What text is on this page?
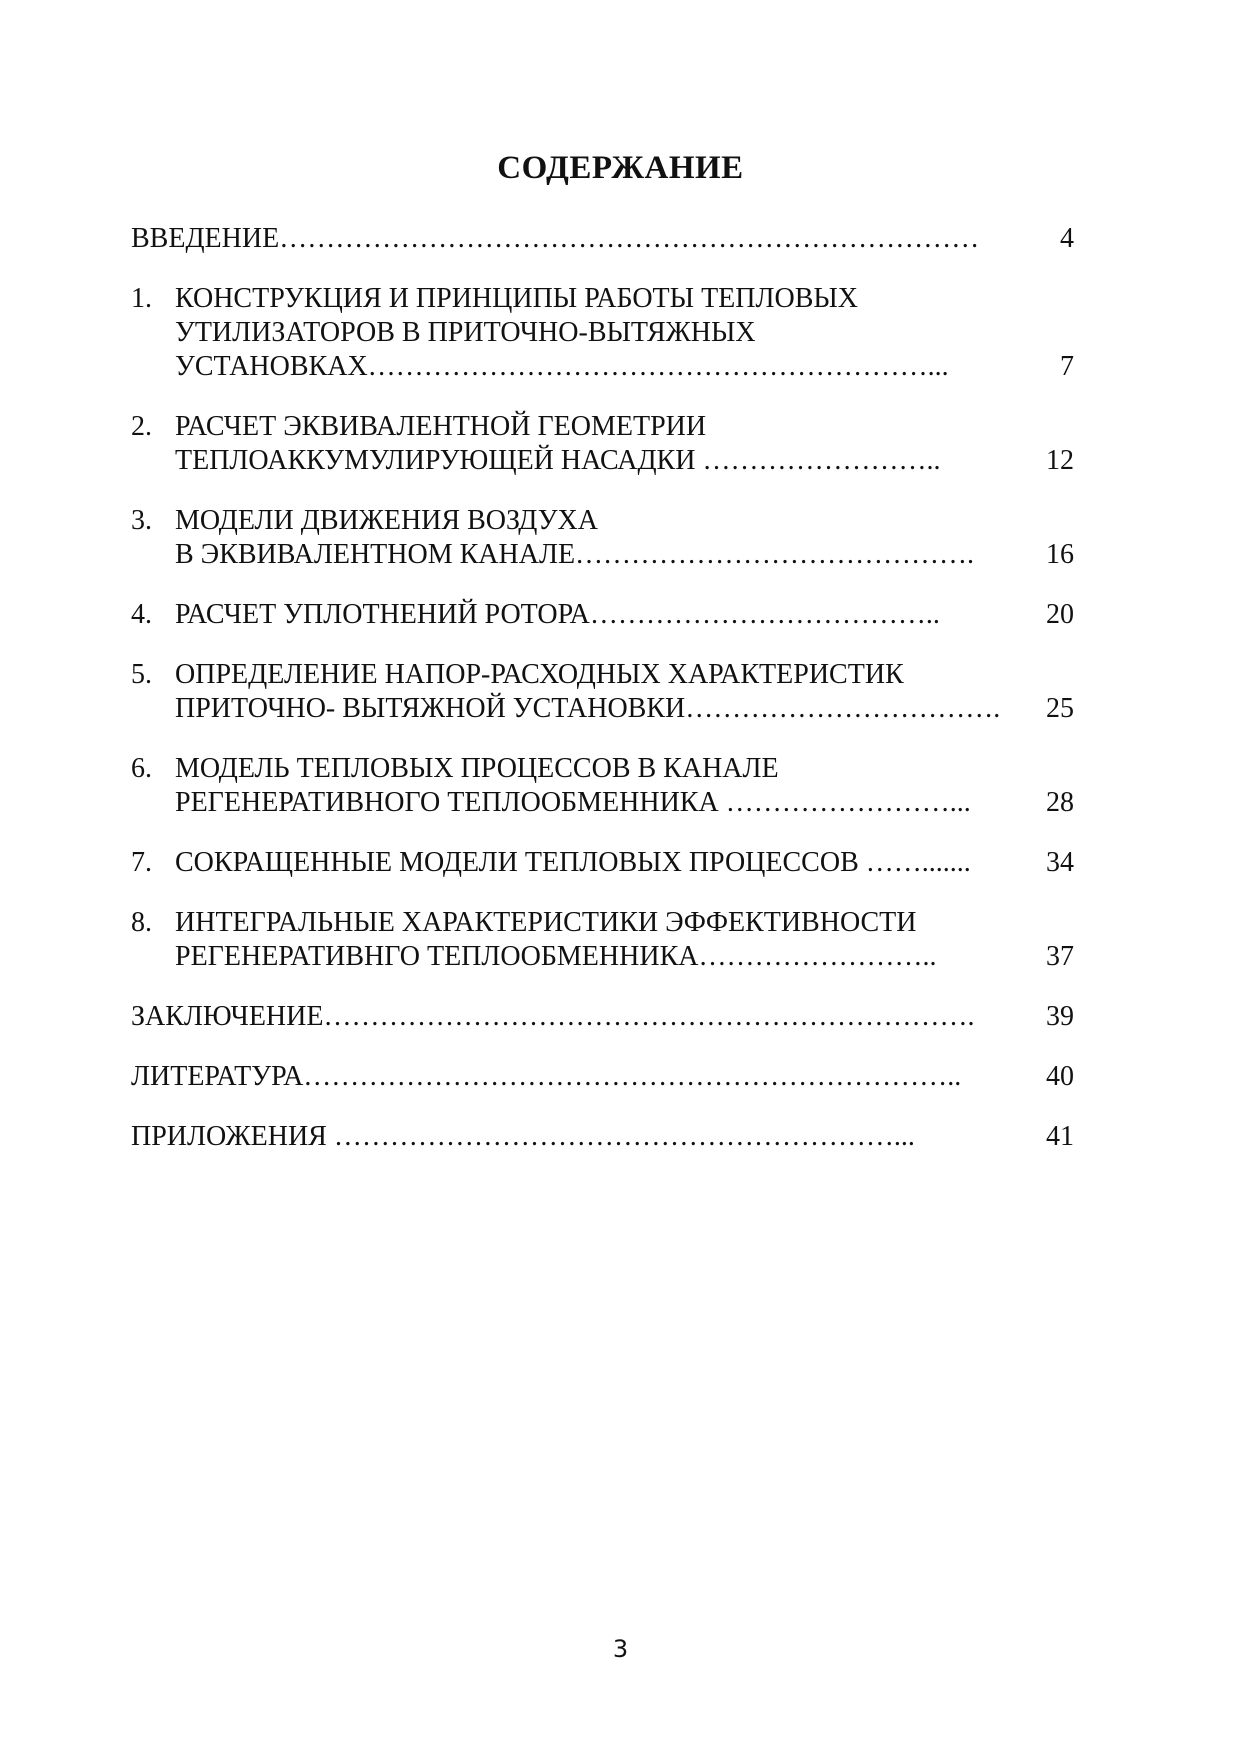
СОДЕРЖАНИЕ
ВВЕДЕНИЕ…………………………………………………………………	4
1. КОНСТРУКЦИЯ И ПРИНЦИПЫ РАБОТЫ ТЕПЛОВЫХ
УТИЛИЗАТОРОВ В ПРИТОЧНО-ВЫТЯЖНЫХ
УСТАНОВКАХ……………………………………………………...	7
2. РАСЧЕТ ЭКВИВАЛЕНТНОЙ ГЕОМЕТРИИ
ТЕПЛОАККУМУЛИРУЮЩЕЙ НАСАДКИ ……………………..	12
3. МОДЕЛИ ДВИЖЕНИЯ ВОЗДУХА
В ЭКВИВАЛЕНТНОМ КАНАЛЕ…………………………………….	16
4. РАСЧЕТ УПЛОТНЕНИЙ РОТОРА………………………………..	20
5. ОПРЕДЕЛЕНИЕ НАПОР-РАСХОДНЫХ ХАРАКТЕРИСТИК
ПРИТОЧНО- ВЫТЯЖНОЙ УСТАНОВКИ…………………………….	25
6. МОДЕЛЬ ТЕПЛОВЫХ ПРОЦЕССОВ В КАНАЛЕ
РЕГЕНЕРАТИВНОГО ТЕПЛООБМЕННИКА ……………………...	28
7. СОКРАЩЕННЫЕ МОДЕЛИ ТЕПЛОВЫХ ПРОЦЕССОВ …….......	34
8. ИНТЕГРАЛЬНЫЕ ХАРАКТЕРИСТИКИ ЭФФЕКТИВНОСТИ
РЕГЕНЕРАТИВНГО ТЕПЛООБМЕННИКА……………………..	37
ЗАКЛЮЧЕНИЕ…………………………………………………………….	39
ЛИТЕРАТУРА……………………………………………………………..	40
ПРИЛОЖЕНИЯ ……………………………………………………...	41
3
